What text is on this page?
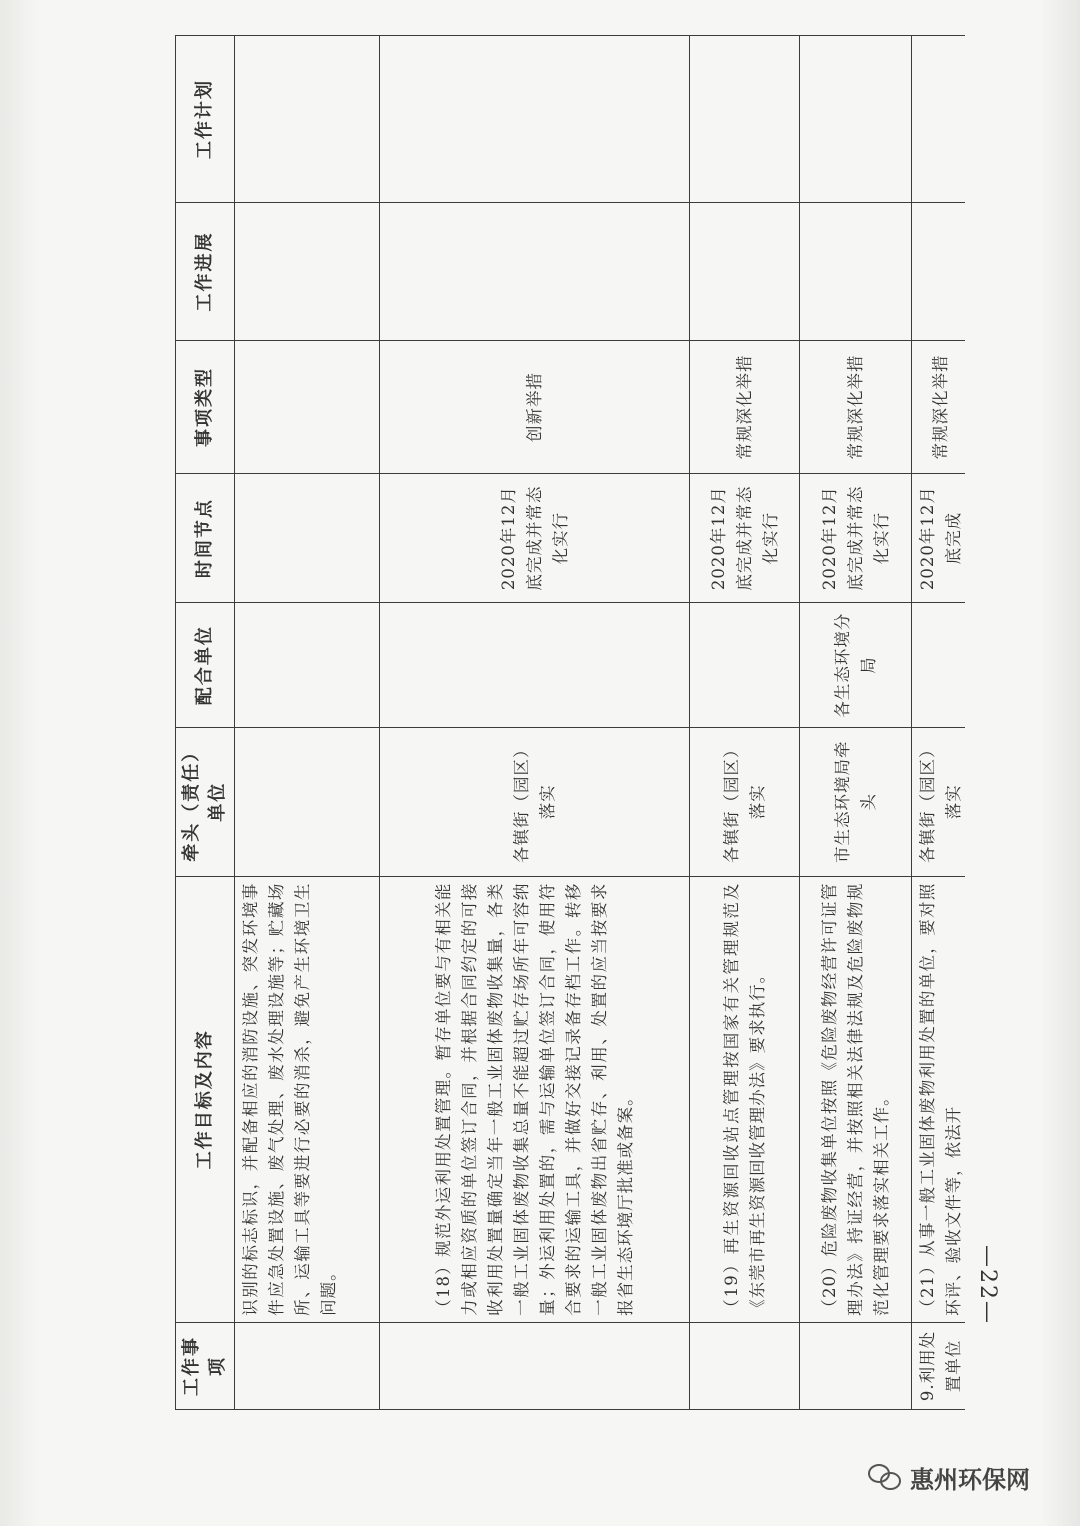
工作事项	工作目标及内容	牵头（责任）单位	配合单位	时间节点	事项类型	工作进展	工作计划
	识别的标志标识，并配备相应的消防设施、突发环境事件应急处置设施、废气处理、废水处理设施等；贮藏场所、运输工具等要进行必要的消杀，避免产生环境卫生问题。						
	（18）规范外运利用处置管理。暂存单位要与有相关能力或相应资质的单位签订合同，并根据合同约定的可接收利用处置量确定当年一般工业固体废物收集量，各类一般工业固体废物收集总量不能超过贮存场所年可容纳量；外运利用处置的，需与运输单位签订合同，使用符合要求的运输工具，并做好交接记录备存档工作。转移一般工业固体废物出省贮存、利用、处置的应当按要求报省生态环境厅批准或备案。	各镇街（园区）落实		2020年12月底完成并常态化实行	创新举措		
	（19）再生资源回收站点管理按国家有关管理规范及《东莞市再生资源回收管理办法》要求执行。	各镇街（园区）落实		2020年12月底完成并常态化实行	常规深化举措		
	（20）危险废物收集单位按照《危险废物经营许可证管理办法》持证经营，并按照相关法律法规及危险废物规范化管理要求落实相关工作。	市生态环境局牵头	各生态环境分局	2020年12月底完成并常态化实行	常规深化举措		
9.利用处置单位	（21）从事一般工业固体废物利用处置的单位，要对照环评、验收文件等，依法开	各镇街（园区）落实		2020年12月底完成	常规深化举措		
—22—
惠州环保网
